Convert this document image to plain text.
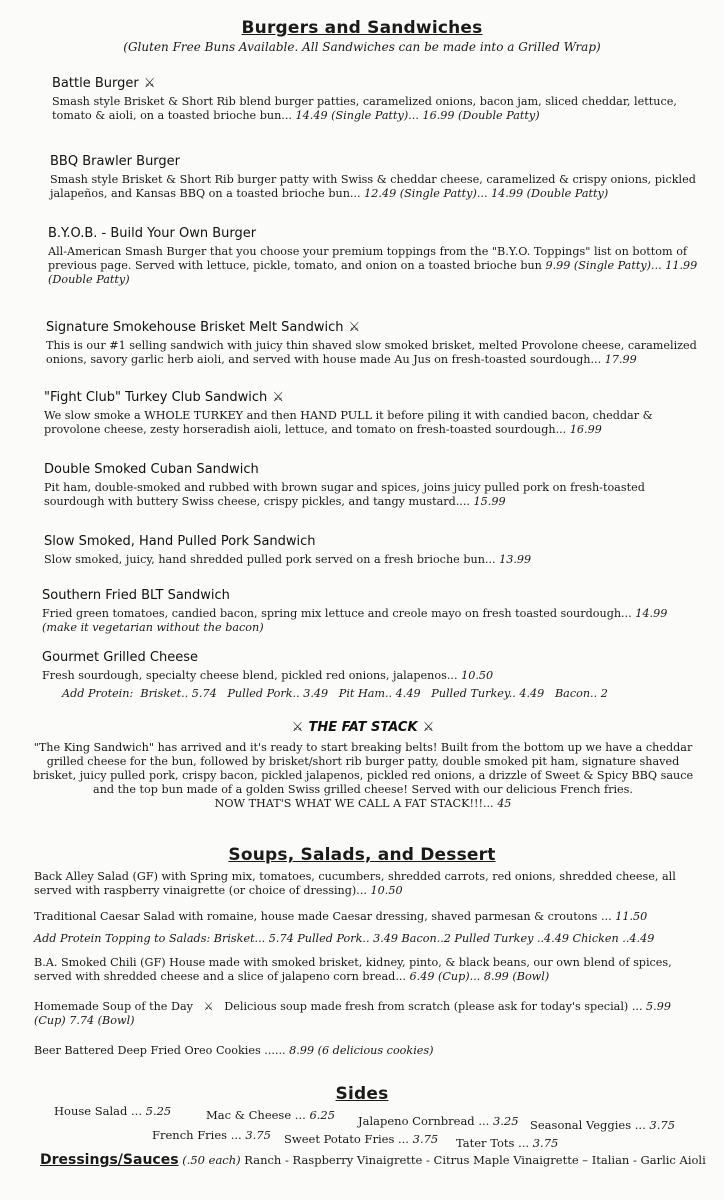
Burgers and Sandwiches
(Gluten Free Buns Available. All Sandwiches can be made into a Grilled Wrap)
Battle Burger ⚔
Smash style Brisket & Short Rib blend burger patties, caramelized onions, bacon jam, sliced cheddar, lettuce, tomato & aioli, on a toasted brioche bun... 14.49 (Single Patty)... 16.99 (Double Patty)
BBQ Brawler Burger
Smash style Brisket & Short Rib burger patty with Swiss & cheddar cheese, caramelized & crispy onions, pickled jalapeños, and Kansas BBQ on a toasted brioche bun... 12.49 (Single Patty)... 14.99 (Double Patty)
B.Y.O.B. - Build Your Own Burger
All-American Smash Burger that you choose your premium toppings from the "B.Y.O. Toppings" list on bottom of previous page. Served with lettuce, pickle, tomato, and onion on a toasted brioche bun 9.99 (Single Patty)... 11.99 (Double Patty)
Signature Smokehouse Brisket Melt Sandwich ⚔
This is our #1 selling sandwich with juicy thin shaved slow smoked brisket, melted Provolone cheese, caramelized onions, savory garlic herb aioli, and served with house made Au Jus on fresh-toasted sourdough... 17.99
"Fight Club" Turkey Club Sandwich ⚔
We slow smoke a WHOLE TURKEY and then HAND PULL it before piling it with candied bacon, cheddar & provolone cheese, zesty horseradish aioli, lettuce, and tomato on fresh-toasted sourdough... 16.99
Double Smoked Cuban Sandwich
Pit ham, double-smoked and rubbed with brown sugar and spices, joins juicy pulled pork on fresh-toasted sourdough with buttery Swiss cheese, crispy pickles, and tangy mustard.... 15.99
Slow Smoked, Hand Pulled Pork Sandwich
Slow smoked, juicy, hand shredded pulled pork served on a fresh brioche bun... 13.99
Southern Fried BLT Sandwich
Fried green tomatoes, candied bacon, spring mix lettuce and creole mayo on fresh toasted sourdough... 14.99
(make it vegetarian without the bacon)
Gourmet Grilled Cheese
Fresh sourdough, specialty cheese blend, pickled red onions, jalapenos... 10.50
Add Protein:  Brisket.. 5.74   Pulled Pork.. 3.49   Pit Ham.. 4.49   Pulled Turkey.. 4.49   Bacon.. 2
⚔ THE FAT STACK ⚔
"The King Sandwich" has arrived and it's ready to start breaking belts! Built from the bottom up we have a cheddar grilled cheese for the bun, followed by brisket/short rib burger patty, double smoked pit ham, signature shaved brisket, juicy pulled pork, crispy bacon, pickled jalapenos, pickled red onions, a drizzle of Sweet & Spicy BBQ sauce and the top bun made of a golden Swiss grilled cheese! Served with our delicious French fries.
NOW THAT'S WHAT WE CALL A FAT STACK!!!... 45
Soups, Salads, and Dessert
Back Alley Salad (GF) with Spring mix, tomatoes, cucumbers, shredded carrots, red onions, shredded cheese, all served with raspberry vinaigrette (or choice of dressing)... 10.50
Traditional Caesar Salad with romaine, house made Caesar dressing, shaved parmesan & croutons ... 11.50
Add Protein Topping to Salads: Brisket... 5.74 Pulled Pork.. 3.49 Bacon..2 Pulled Turkey ..4.49 Chicken ..4.49
B.A. Smoked Chili (GF) House made with smoked brisket, kidney, pinto, & black beans, our own blend of spices, served with shredded cheese and a slice of jalapeno corn bread... 6.49 (Cup)... 8.99 (Bowl)
Homemade Soup of the Day   ⚔   Delicious soup made fresh from scratch (please ask for today's special) ... 5.99 (Cup) 7.74 (Bowl)
Beer Battered Deep Fried Oreo Cookies ...... 8.99 (6 delicious cookies)
Sides
House Salad ... 5.25	Mac & Cheese ... 6.25 Jalapeno Cornbread ... 3.25 Seasonal Veggies ... 3.75
French Fries ... 3.75 Sweet Potato Fries ... 3.75 Tater Tots ... 3.75
Dressings/Sauces (.50 each) Ranch - Raspberry Vinaigrette - Citrus Maple Vinaigrette – Italian - Garlic Aioli
